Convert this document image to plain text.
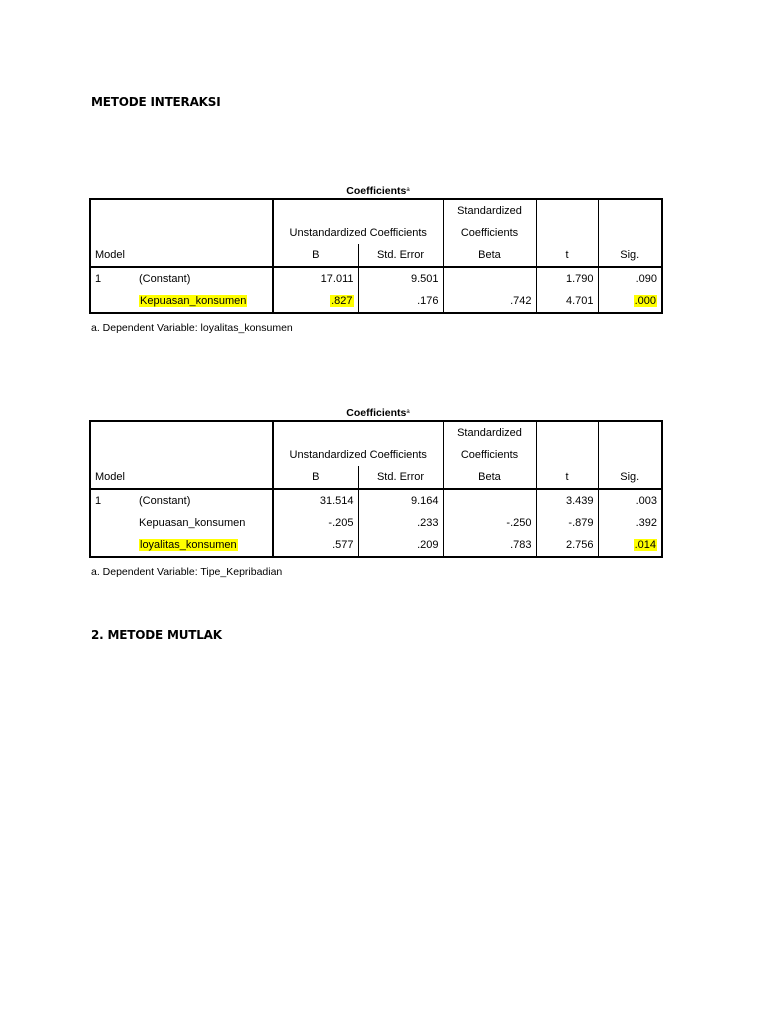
METODE INTERAKSI
Coefficients$^a$
				Standardized		
		Unstandardized Coefficients		Coefficients		
Model		B	Std. Error	Beta	t	Sig.
1	(Constant)	17.011	9.501		1.790	.090
	Kepuasan_konsumen	.827	.176	.742	4.701	.000
a. Dependent Variable: loyalitas_konsumen
Coefficients$^a$
				Standardized		
		Unstandardized Coefficients		Coefficients		
Model		B	Std. Error	Beta	t	Sig.
1	(Constant)	31.514	9.164		3.439	.003
	Kepuasan_konsumen	-.205	.233	-.250	-.879	.392
	loyalitas_konsumen	.577	.209	.783	2.756	.014
a. Dependent Variable: Tipe_Kepribadian
2. METODE MUTLAK
